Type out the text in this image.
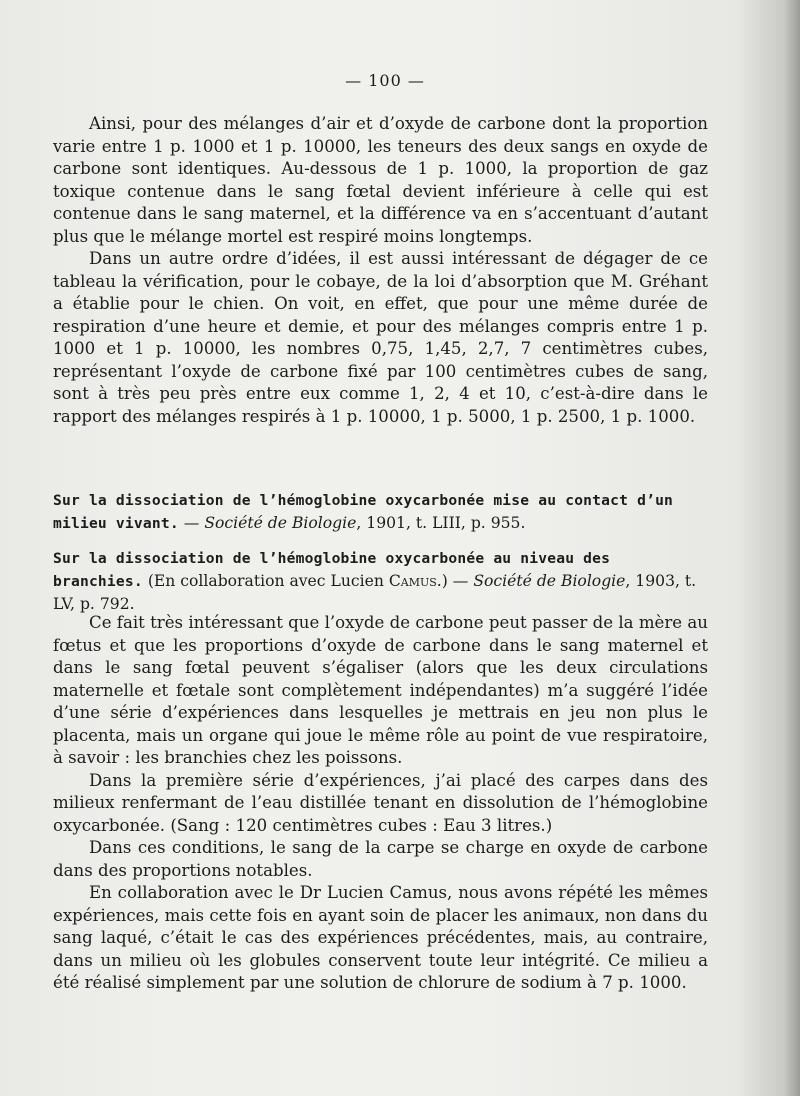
— 100 —

Ainsi, pour des mélanges d’air et d’oxyde de carbone dont la proportion varie entre 1 p. 1000 et 1 p. 10000, les teneurs des deux sangs en oxyde de carbone sont identiques. Au-dessous de 1 p. 1000, la proportion de gaz toxique contenue dans le sang fœtal devient inférieure à celle qui est contenue dans le sang maternel, et la différence va en s’accentuant d’autant plus que le mélange mortel est respiré moins longtemps.

Dans un autre ordre d’idées, il est aussi intéressant de dégager de ce tableau la vérification, pour le cobaye, de la loi d’absorption que M. Gréhant a établie pour le chien. On voit, en effet, que pour une même durée de respiration d’une heure et demie, et pour des mélanges compris entre 1 p. 1000 et 1 p. 10000, les nombres 0,75, 1,45, 2,7, 7 centimètres cubes, représentant l’oxyde de carbone fixé par 100 centimètres cubes de sang, sont à très peu près entre eux comme 1, 2, 4 et 10, c’est-à-dire dans le rapport des mélanges respirés à 1 p. 10000, 1 p. 5000, 1 p. 2500, 1 p. 1000.

Sur la dissociation de l’hémoglobine oxycarbonée mise au contact d’un milieu vivant. — Société de Biologie, 1901, t. LIII, p. 955.
Sur la dissociation de l’hémoglobine oxycarbonée au niveau des branchies. (En collaboration avec Lucien Camus.) — Société de Biologie, 1903, t. LV, p. 792.

Ce fait très intéressant que l’oxyde de carbone peut passer de la mère au fœtus et que les proportions d’oxyde de carbone dans le sang maternel et dans le sang fœtal peuvent s’égaliser (alors que les deux circulations maternelle et fœtale sont complètement indépendantes) m’a suggéré l’idée d’une série d’expériences dans lesquelles je mettrais en jeu non plus le placenta, mais un organe qui joue le même rôle au point de vue respiratoire, à savoir : les branchies chez les poissons.

Dans la première série d’expériences, j’ai placé des carpes dans des milieux renfermant de l’eau distillée tenant en dissolution de l’hémoglobine oxycarbonée. (Sang : 120 centimètres cubes : Eau 3 litres.)

Dans ces conditions, le sang de la carpe se charge en oxyde de carbone dans des proportions notables.

En collaboration avec le Dr Lucien Camus, nous avons répété les mêmes expériences, mais cette fois en ayant soin de placer les animaux, non dans du sang laqué, c’était le cas des expériences précédentes, mais, au contraire, dans un milieu où les globules conservent toute leur intégrité. Ce milieu a été réalisé simplement par une solution de chlorure de sodium à 7 p. 1000.
